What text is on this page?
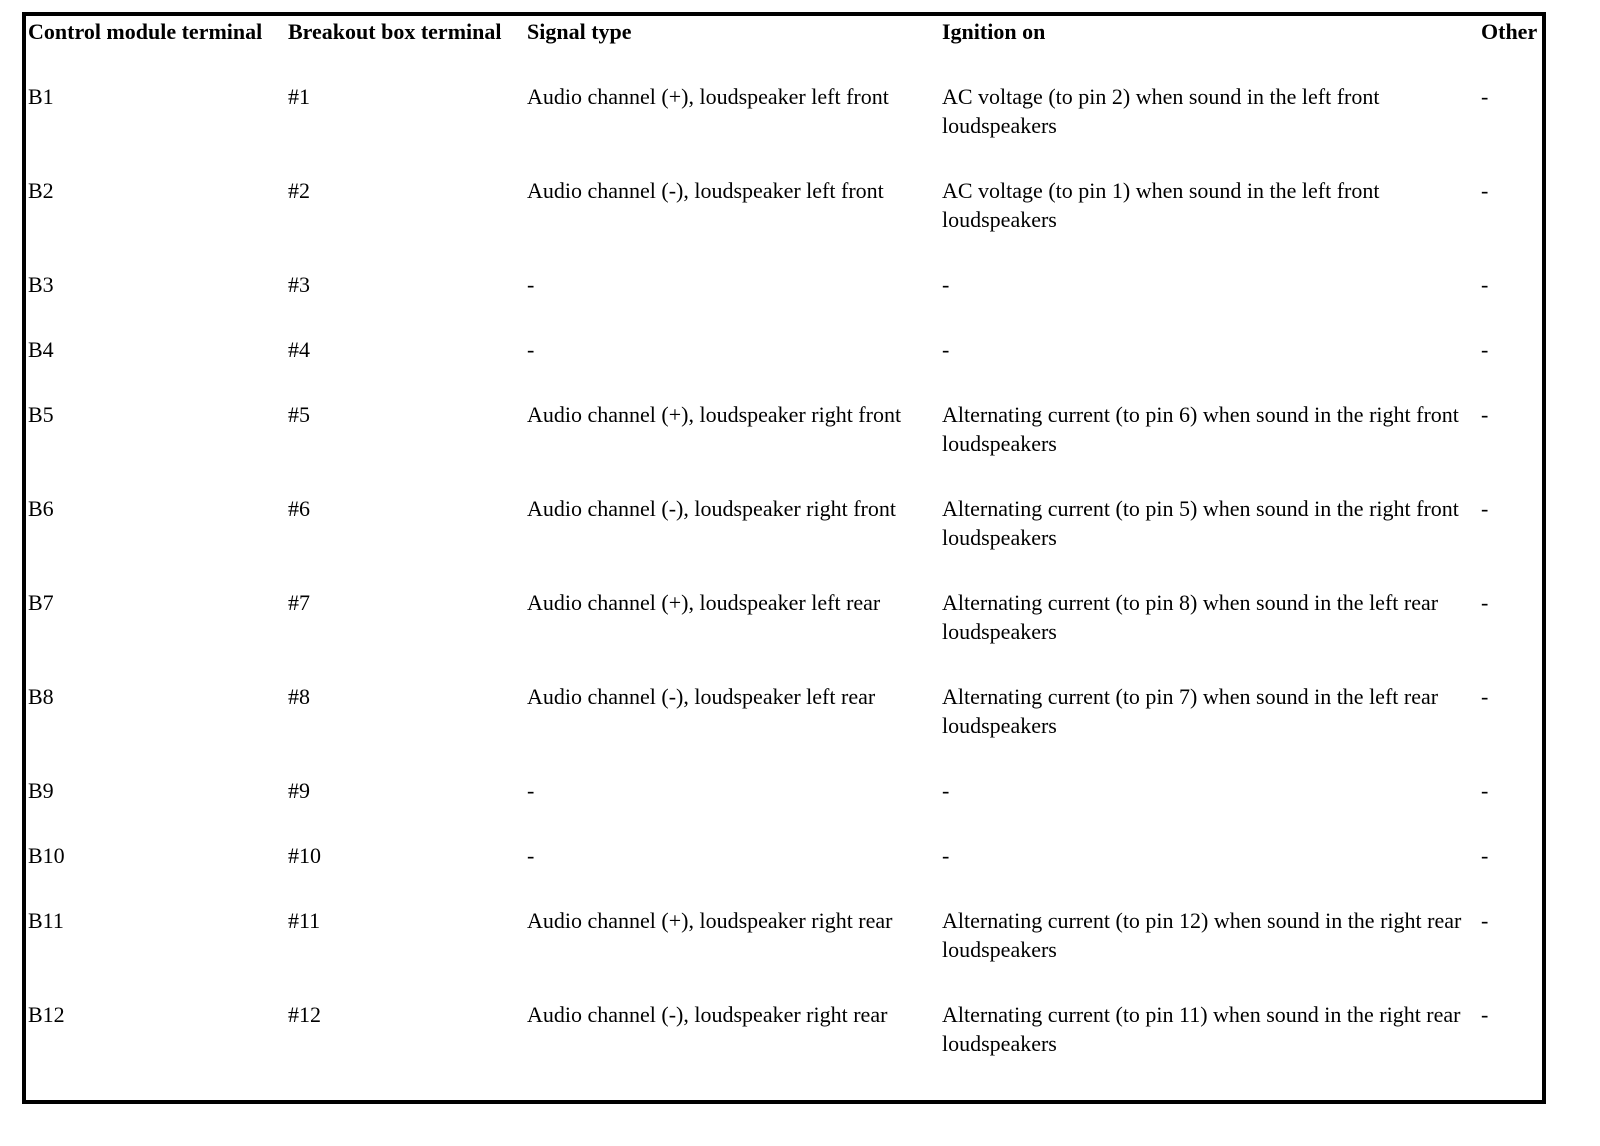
Control module terminal	Breakout box terminal	Signal type	Ignition on	Other
B1	#1	Audio channel (+), loudspeaker left front	AC voltage (to pin 2) when sound in the left front loudspeakers	-
B2	#2	Audio channel (-), loudspeaker left front	AC voltage (to pin 1) when sound in the left front loudspeakers	-
B3	#3	-	-	-
B4	#4	-	-	-
B5	#5	Audio channel (+), loudspeaker right front	Alternating current (to pin 6) when sound in the right front loudspeakers	-
B6	#6	Audio channel (-), loudspeaker right front	Alternating current (to pin 5) when sound in the right front loudspeakers	-
B7	#7	Audio channel (+), loudspeaker left rear	Alternating current (to pin 8) when sound in the left rear loudspeakers	-
B8	#8	Audio channel (-), loudspeaker left rear	Alternating current (to pin 7) when sound in the left rear loudspeakers	-
B9	#9	-	-	-
B10	#10	-	-	-
B11	#11	Audio channel (+), loudspeaker right rear	Alternating current (to pin 12) when sound in the right rear loudspeakers	-
B12	#12	Audio channel (-), loudspeaker right rear	Alternating current (to pin 11) when sound in the right rear loudspeakers	-
